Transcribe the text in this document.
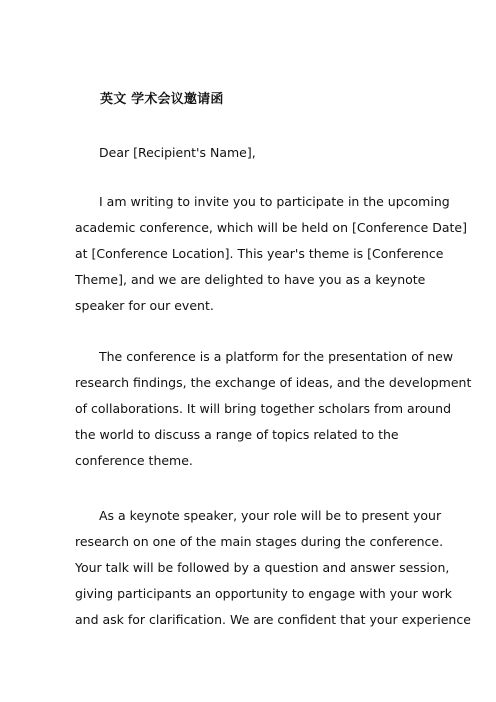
英文 学术会议邀请函
Dear [Recipient's Name],
I am writing to invite you to participate in the upcoming
academic conference, which will be held on [Conference Date]
at [Conference Location]. This year's theme is [Conference
Theme], and we are delighted to have you as a keynote
speaker for our event.
The conference is a platform for the presentation of new
research findings, the exchange of ideas, and the development
of collaborations. It will bring together scholars from around
the world to discuss a range of topics related to the
conference theme.
As a keynote speaker, your role will be to present your
research on one of the main stages during the conference.
Your talk will be followed by a question and answer session,
giving participants an opportunity to engage with your work
and ask for clarification. We are confident that your experience
